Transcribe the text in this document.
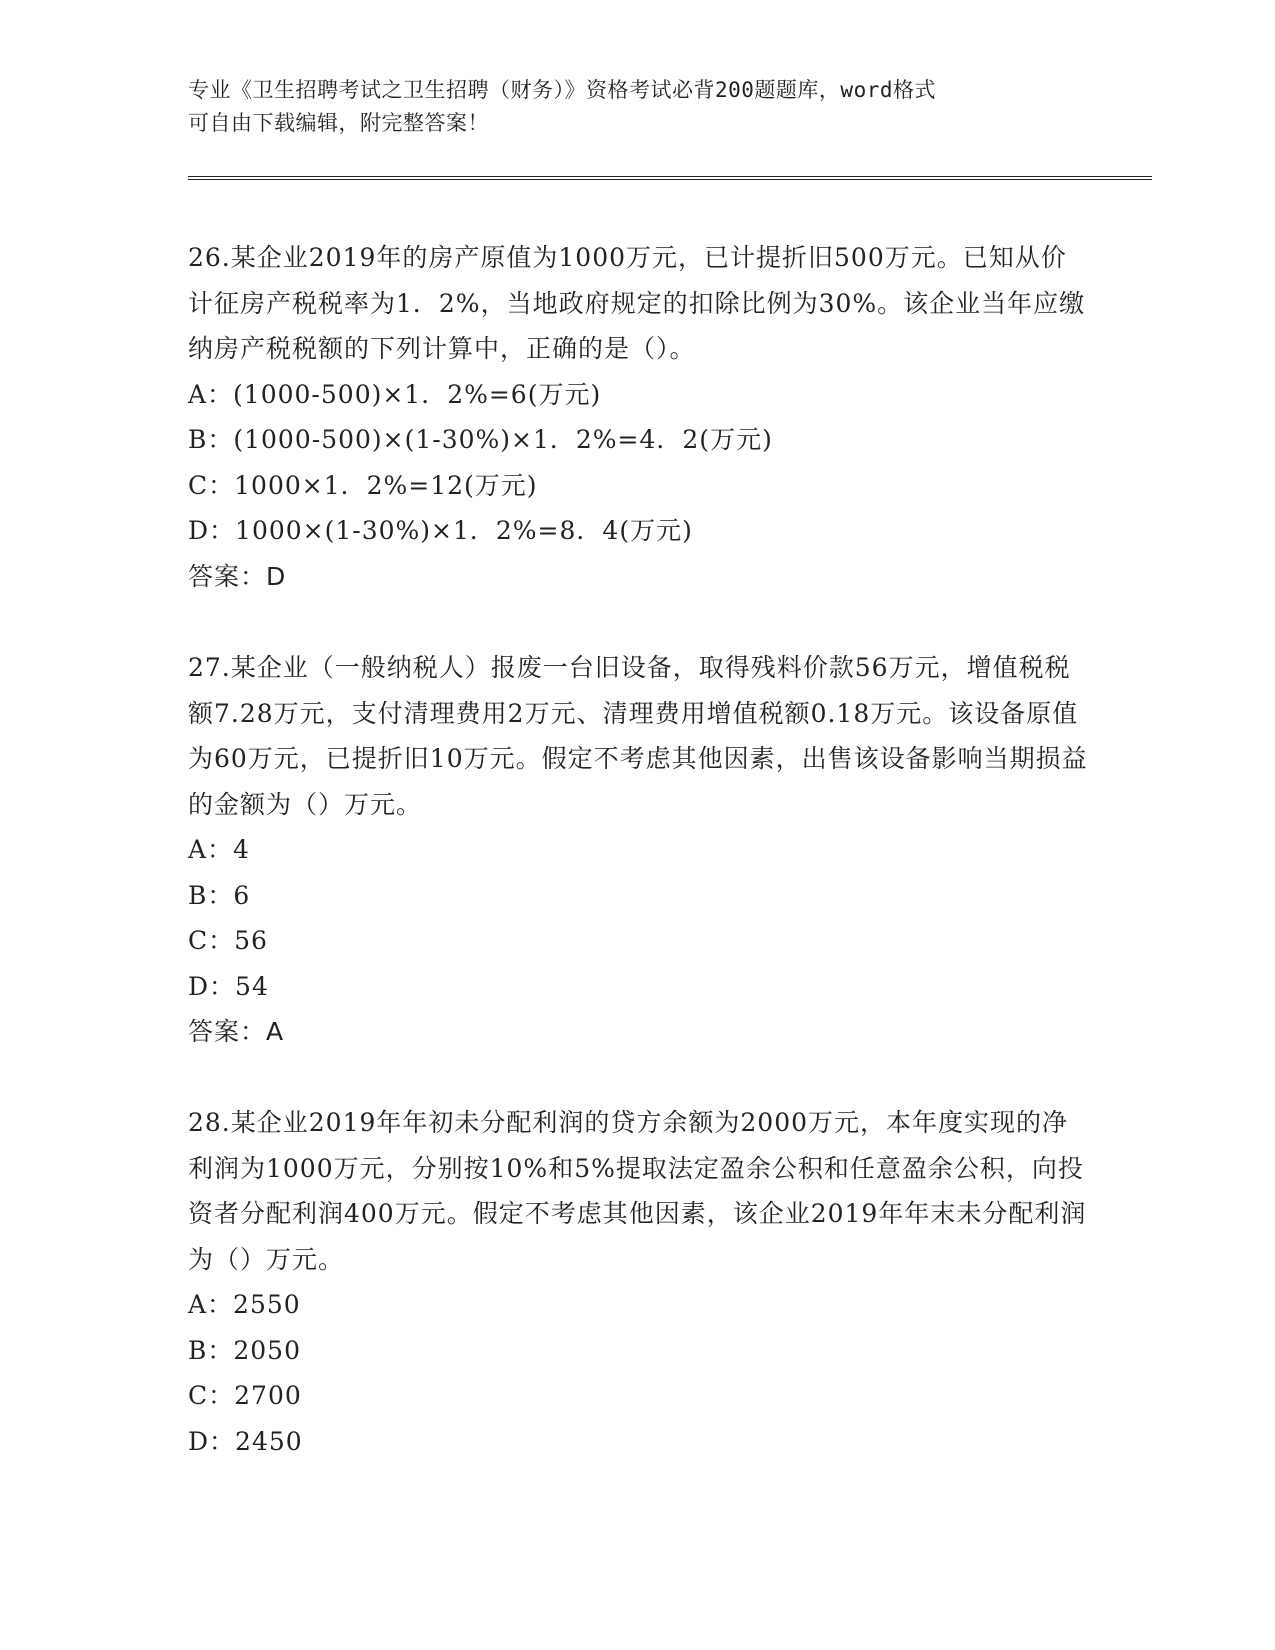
专业《卫生招聘考试之卫生招聘（财务）》资格考试必背200题题库，word格式
可自由下载编辑，附完整答案！

26.某企业2019年的房产原值为1000万元，已计提折旧500万元。已知从价计征房产税税率为1．2%，当地政府规定的扣除比例为30%。该企业当年应缴纳房产税税额的下列计算中，正确的是（）。

A：(1000-500)×1．2%=6(万元)
B：(1000-500)×(1-30%)×1．2%=4．2(万元)
C：1000×1．2%=12(万元)
D：1000×(1-30%)×1．2%=8．4(万元)

答案：D

27.某企业（一般纳税人）报废一台旧设备，取得残料价款56万元，增值税税额7.28万元，支付清理费用2万元、清理费用增值税额0.18万元。该设备原值为60万元，已提折旧10万元。假定不考虑其他因素，出售该设备影响当期损益的金额为（）万元。

A：4
B：6
C：56
D：54

答案：A

28.某企业2019年年初未分配利润的贷方余额为2000万元，本年度实现的净利润为1000万元，分别按10%和5%提取法定盈余公积和任意盈余公积，向投资者分配利润400万元。假定不考虑其他因素，该企业2019年年末未分配利润为（）万元。

A：2550
B：2050
C：2700
D：2450
